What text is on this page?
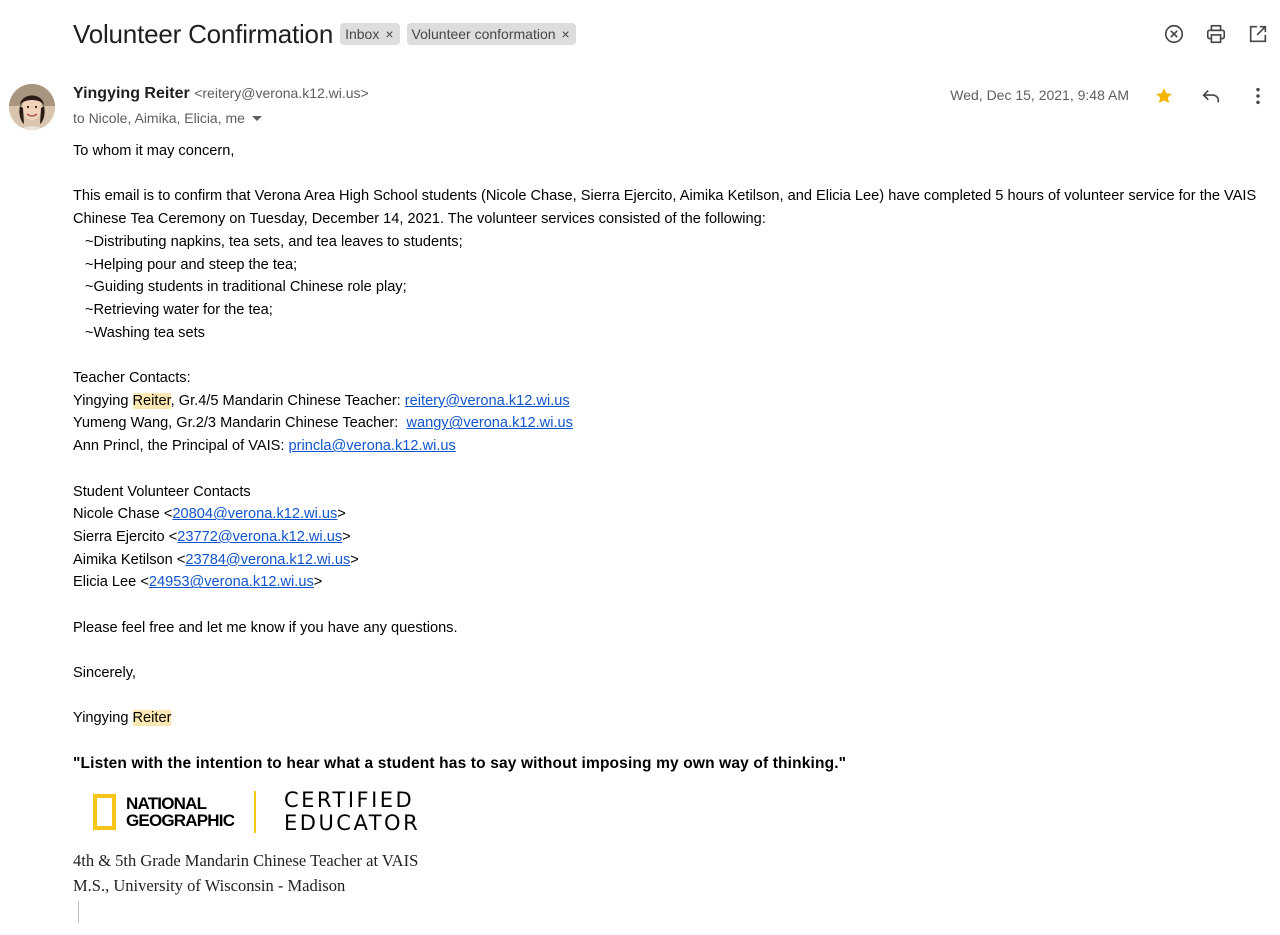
Volunteer Confirmation Inbox × Volunteer conformation ×
Yingying Reiter <reitery@verona.k12.wi.us>
to Nicole, Aimika, Elicia, me
Wed, Dec 15, 2021, 9:48 AM

To whom it may concern,

This email is to confirm that Verona Area High School students (Nicole Chase, Sierra Ejercito, Aimika Ketilson, and Elicia Lee) have completed 5 hours of volunteer service for the VAIS Chinese Tea Ceremony on Tuesday, December 14, 2021. The volunteer services consisted of the following:

~Distributing napkins, tea sets, and tea leaves to students;

~Helping pour and steep the tea;

~Guiding students in traditional Chinese role play;

~Retrieving water for the tea;

~Washing tea sets

Teacher Contacts:

Yingying Reiter, Gr.4/5 Mandarin Chinese Teacher: reitery@verona.k12.wi.us

Yumeng Wang, Gr.2/3 Mandarin Chinese Teacher:  wangy@verona.k12.wi.us

Ann Princl, the Principal of VAIS: princla@verona.k12.wi.us

Student Volunteer Contacts

Nicole Chase <20804@verona.k12.wi.us>

Sierra Ejercito <23772@verona.k12.wi.us>

Aimika Ketilson <23784@verona.k12.wi.us>

Elicia Lee <24953@verona.k12.wi.us>

Please feel free and let me know if you have any questions.

Sincerely,

Yingying Reiter

"Listen with the intention to hear what a student has to say without imposing my own way of thinking."

NATIONAL
GEOGRAPHIC
CERTIFIED
EDUCATOR

4th & 5th Grade Mandarin Chinese Teacher at VAIS

M.S., University of Wisconsin - Madison
